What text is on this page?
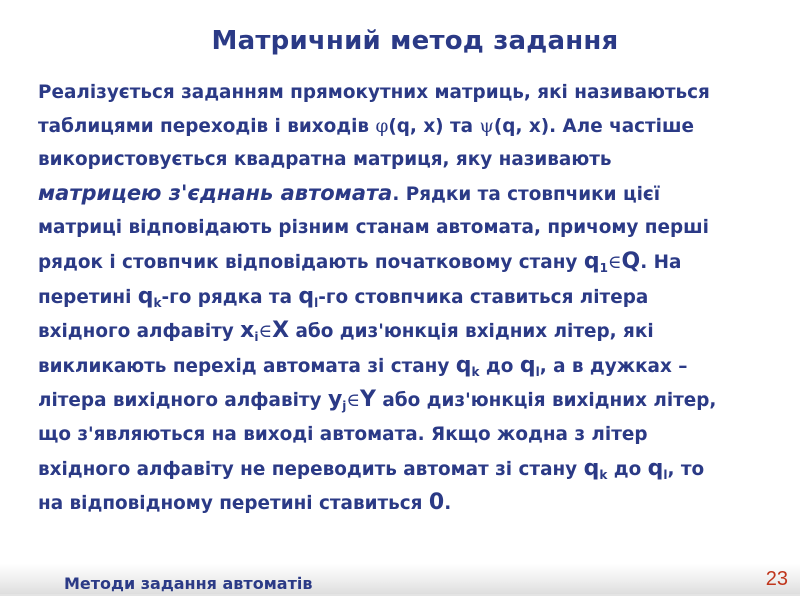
Матричний метод задання
Реалізується заданням прямокутних матриць, які називаються
таблицями переходів і виходів φ(q, x) та ψ(q, x). Але частіше
використовується квадратна матриця, яку називають
матрицею з'єднань автомата. Рядки та стовпчики цієї
матриці відповідають різним станам автомата, причому перші
рядок і стовпчик відповідають початковому стану $q_1\in Q$. На
перетині $q_k-го$ рядка та $q_l-го$ стовпчика ставиться літера
вхідного алфавіту $x_i\in X$ або диз'юнкція вхідних літер, які
викликають перехід автомата зі стану $q_k$ до $q_l$, а в дужках –
літера вихідного алфавіту $y_j\in Y$ або диз'юнкція вихідних літер,
що з'являються на виході автомата. Якщо жодна з літер
вхідного алфавіту не переводить автомат зі стану $q_k$ до $q_l$, то
на відповідному перетині ставиться 0.
Методи задання автоматів	23
